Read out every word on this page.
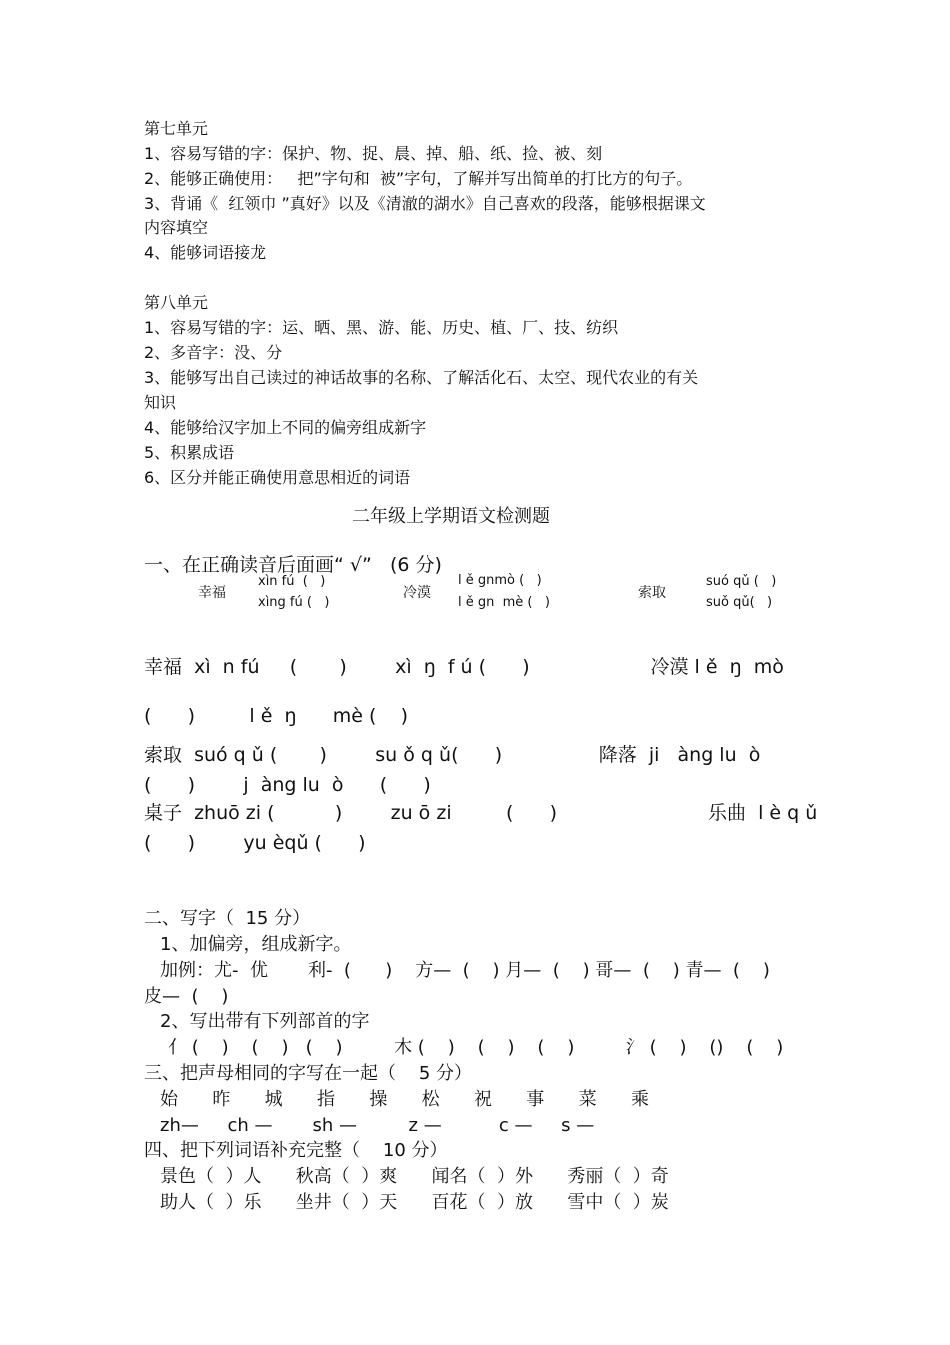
第七单元
1、容易写错的字：保护、物、捉、晨、掉、船、纸、捡、被、刻
2、能够正确使用：   把”字句和  被”字句，了解并写出简单的打比方的句子。
3、背诵《  红领巾 ”真好》以及《清澈的湖水》自己喜欢的段落，能够根据课文
内容填空
4、能够词语接龙
第八单元
1、容易写错的字：运、晒、黑、游、能、历史、植、厂、技、纺织
2、多音字：没、分
3、能够写出自己读过的神话故事的名称、了解活化石、太空、现代农业的有关
知识
4、能够给汉字加上不同的偏旁组成新字
5、积累成语
6、区分并能正确使用意思相近的词语
二年级上学期语文检测题
一、在正确读音后面画“ √”   (6 分)
幸福
xìn fú  (   )
xìng fú (   )
冷漠
l ě gnmò (   )
l ě gn  mè (   )
索取
suó qǔ (   )
suǒ qǔ(   )
幸福  xì  n fú     (       )        xì  ŋ  f ú (      )                    冷漠 l ě  ŋ  mò
(      )         l ě  ŋ      mè (    )
索取  suó q ǔ (       )        su ǒ q ǔ(      )                降落  ji   àng lu  ò
(      )        j  àng lu  ò      (      )
桌子  zhuō zi (          )        zu ō zi         (      )                         乐曲  l è q ǔ
(      )        yu èqǔ (      )
二、写字（  15 分）
1、加偏旁，组成新字。
加例：尤-  优       利-  (      )    方—  (    ) 月—  (    ) 哥—  (    ) 青—  (    )
皮—  (    )
2、写出带有下列部首的字
亻 (    )    (    )   (    )         木 (    )    (    )    (    )         氵 (    )    ()    (    )
三、把声母相同的字写在一起（    5 分）
始      昨      城      指      操      松      祝      事      菜      乘
zh—     ch —       sh —         z —          c —     s —
四、把下列词语补充完整（    10 分）
景色（  ）人      秋高（  ）爽      闻名（  ）外      秀丽（  ）奇
助人（  ）乐      坐井（  ）天      百花（  ）放      雪中（  ）炭
